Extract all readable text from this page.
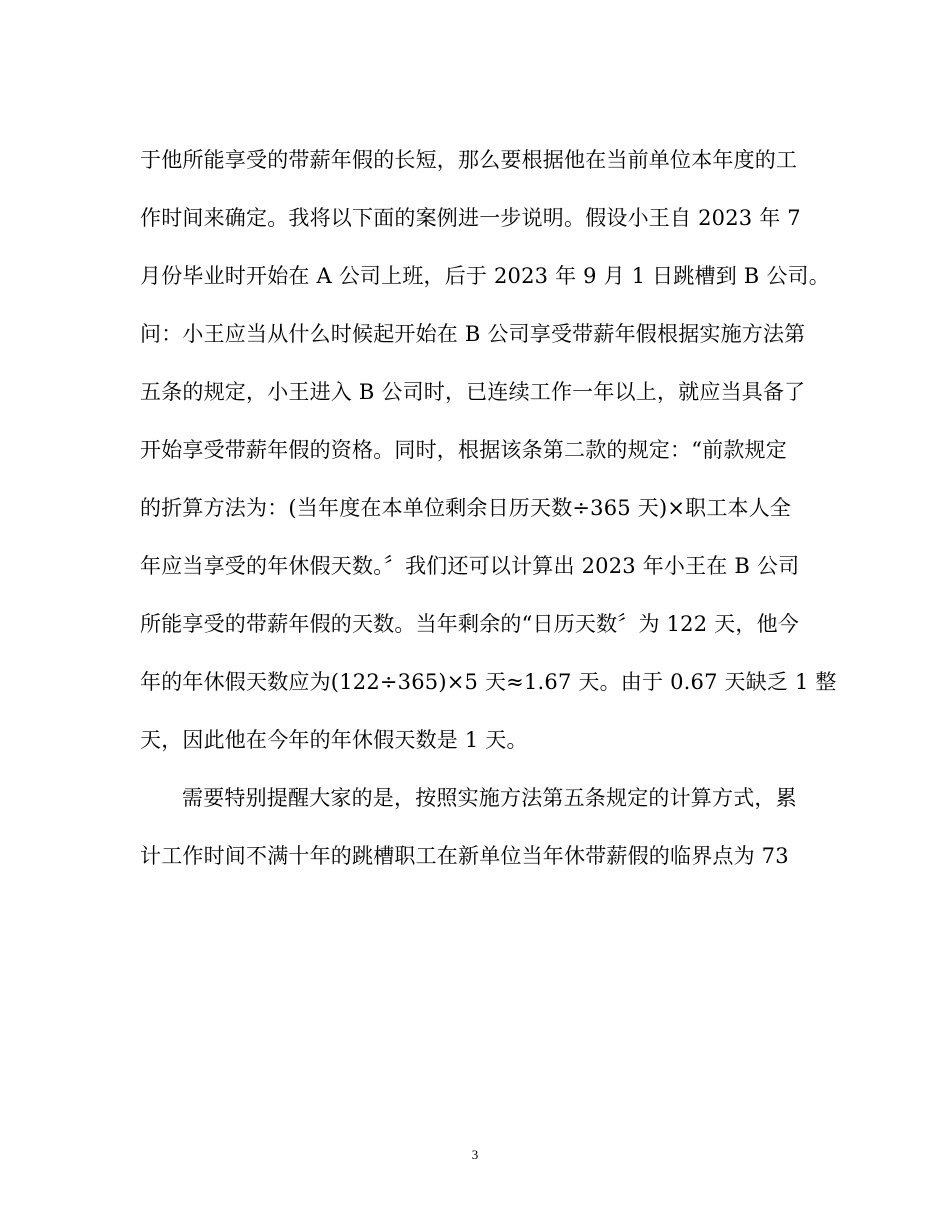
于他所能享受的带薪年假的长短，那么要根据他在当前单位本年度的工
作时间来确定。我将以下面的案例进一步说明。假设小王自 2023 年 7
月份毕业时开始在 A 公司上班，后于 2023 年 9 月 1 日跳槽到 B 公司。
问：小王应当从什么时候起开始在 B 公司享受带薪年假根据实施方法第
五条的规定，小王进入 B 公司时，已连续工作一年以上，就应当具备了
开始享受带薪年假的资格。同时，根据该条第二款的规定：“前款规定
的折算方法为：(当年度在本单位剩余日历天数÷365 天)×职工本人全
年应当享受的年休假天数。〞我们还可以计算出 2023 年小王在 B 公司
所能享受的带薪年假的天数。当年剩余的“日历天数〞为 122 天，他今
年的年休假天数应为(122÷365)×5 天≈1.67 天。由于 0.67 天缺乏 1 整
天，因此他在今年的年休假天数是 1 天。
需要特别提醒大家的是，按照实施方法第五条规定的计算方式，累
计工作时间不满十年的跳槽职工在新单位当年休带薪假的临界点为 73
3
